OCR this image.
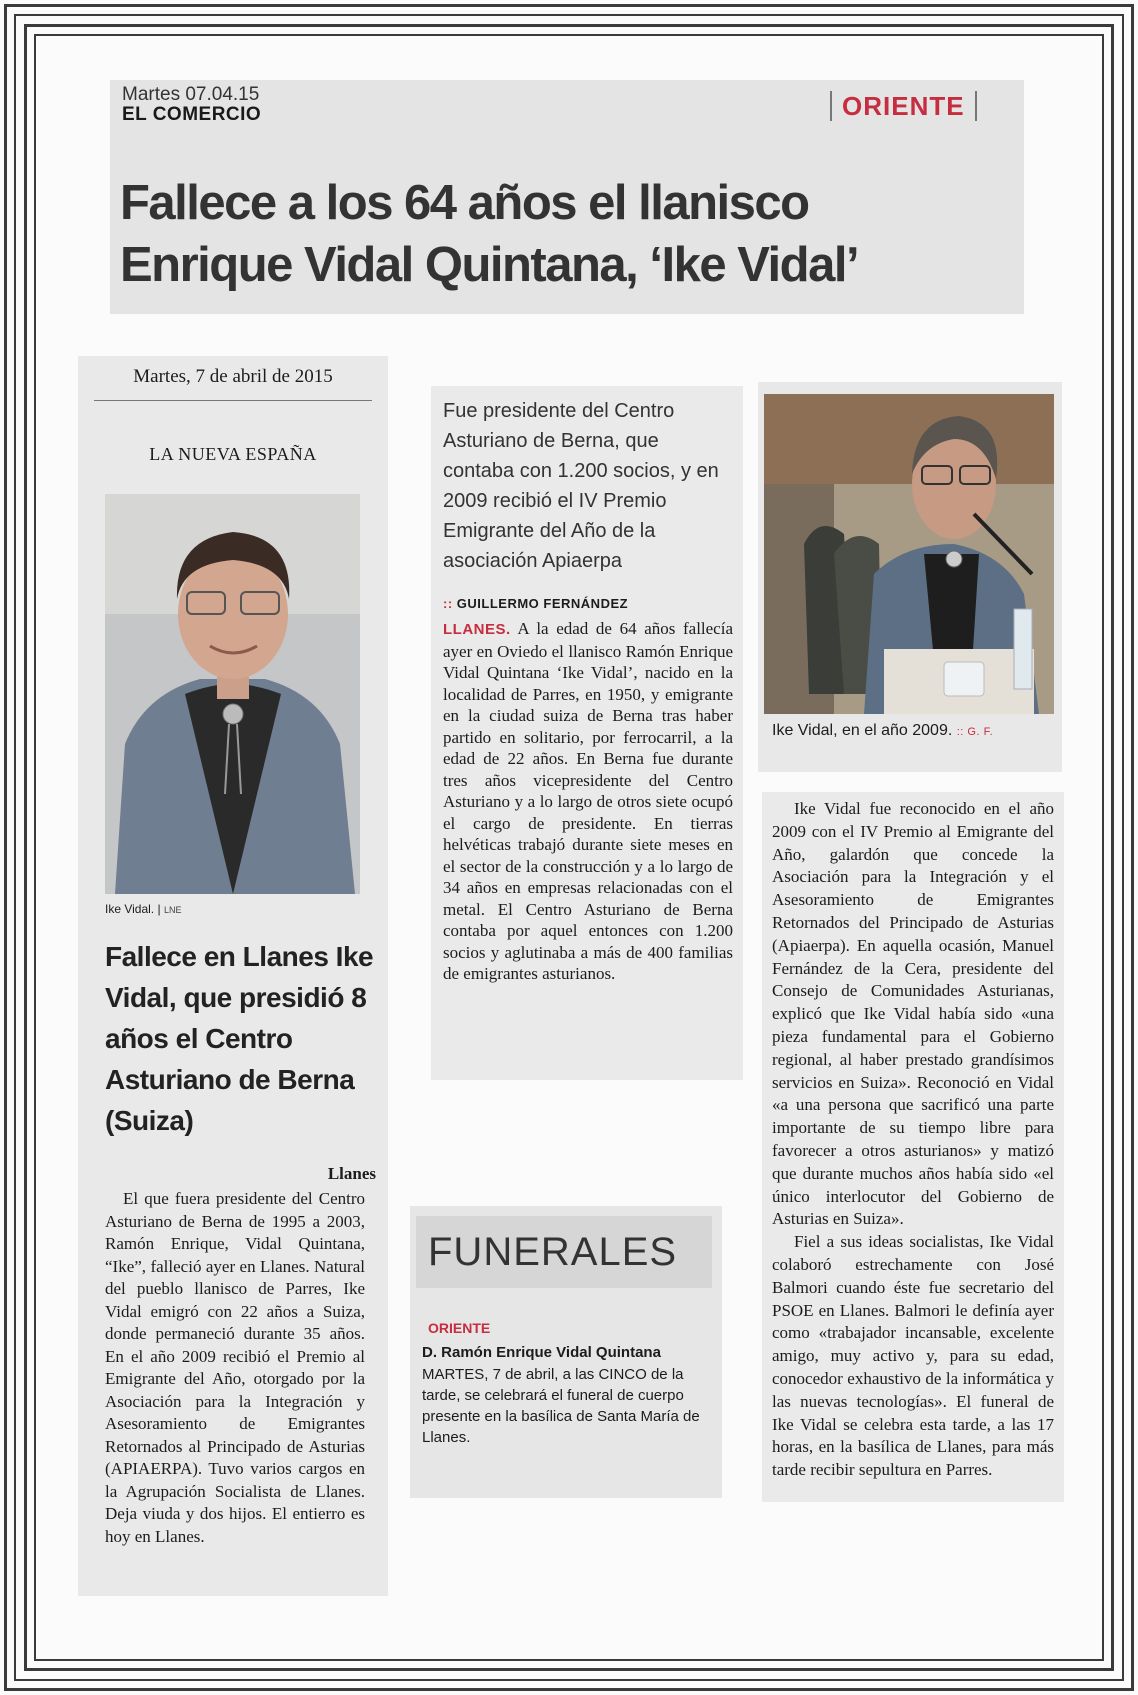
Martes 07.04.15
EL COMERCIO	ORIENTE
Fallece a los 64 años el llanisco
Enrique Vidal Quintana, ‘Ike Vidal’
Martes, 7 de abril de 2015
LA NUEVA ESPAÑA
Ike Vidal. | LNE
Fallece en Llanes Ike Vidal, que presidió 8 años el Centro Asturiano de Berna (Suiza)
Llanes
El que fuera presidente del Centro Asturiano de Berna de 1995 a 2003, Ramón Enrique, Vidal Quintana, “Ike”, falleció ayer en Llanes. Natural del pueblo llanisco de Parres, Ike Vidal emigró con 22 años a Suiza, donde permaneció durante 35 años. En el año 2009 recibió el Premio al Emigrante del Año, otorgado por la Asociación para la Integración y Asesoramiento de Emigrantes Retornados al Principado de Asturias (APIAERPA). Tuvo varios cargos en la Agrupación Socialista de Llanes. Deja viuda y dos hijos. El entierro es hoy en Llanes.
Fue presidente del Centro Asturiano de Berna, que contaba con 1.200 socios, y en 2009 recibió el IV Premio Emigrante del Año de la asociación Apiaerpa
:: GUILLERMO FERNÁNDEZ
LLANES. A la edad de 64 años fallecía ayer en Oviedo el llanisco Ramón Enrique Vidal Quintana ‘Ike Vidal’, nacido en la localidad de Parres, en 1950, y emigrante en la ciudad suiza de Berna tras haber partido en solitario, por ferrocarril, a la edad de 22 años. En Berna fue durante tres años vicepresidente del Centro Asturiano y a lo largo de otros siete ocupó el cargo de presidente. En tierras helvéticas trabajó durante siete meses en el sector de la construcción y a lo largo de 34 años en empresas relacionadas con el metal. El Centro Asturiano de Berna contaba por aquel entonces con 1.200 socios y aglutinaba a más de 400 familias de emigrantes asturianos.
Ike Vidal, en el año 2009. :: G. F.

Ike Vidal fue reconocido en el año 2009 con el IV Premio al Emigrante del Año, galardón que concede la Asociación para la Integración y el Asesoramiento de Emigrantes Retornados del Principado de Asturias (Apiaerpa). En aquella ocasión, Manuel Fernández de la Cera, presidente del Consejo de Comunidades Asturianas, explicó que Ike Vidal había sido «una pieza fundamental para el Gobierno regional, al haber prestado grandísimos servicios en Suiza». Reconoció en Vidal «a una persona que sacrificó una parte importante de su tiempo libre para favorecer a otros asturianos» y matizó que durante muchos años había sido «el único interlocutor del Gobierno de Asturias en Suiza».

Fiel a sus ideas socialistas, Ike Vidal colaboró estrechamente con José Balmori cuando éste fue secretario del PSOE en Llanes. Balmori le definía ayer como «trabajador incansable, excelente amigo, muy activo y, para su edad, conocedor exhaustivo de la informática y las nuevas tecnologías». El funeral de Ike Vidal se celebra esta tarde, a las 17 horas, en la basílica de Llanes, para más tarde recibir sepultura en Parres.

FUNERALES
ORIENTE
D. Ramón Enrique Vidal Quintana
MARTES, 7 de abril, a las CINCO de la tarde, se celebrará el funeral de cuerpo presente en la basílica de Santa María de Llanes.
